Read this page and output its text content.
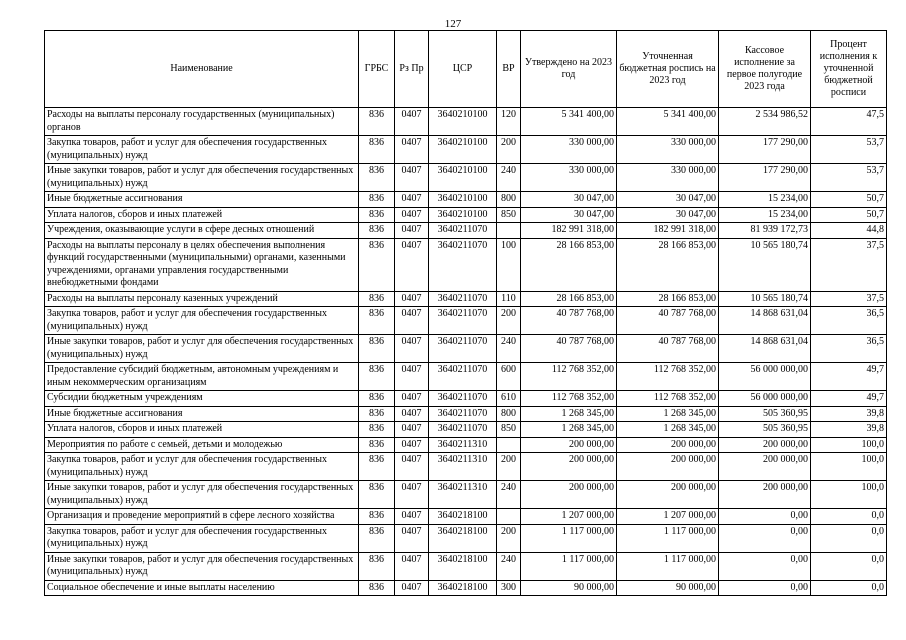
127
Наименование	ГРБС	Рз Пр	ЦСР	ВР	Утверждено на 2023 год	Уточненная бюджетная роспись на 2023 год	Кассовое исполнение за первое полугодие 2023 года	Процент исполнения к уточненной бюджетной росписи
Расходы на выплаты персоналу государственных (муниципальных) органов	836	0407	3640210100	120	5 341 400,00	5 341 400,00	2 534 986,52	47,5
Закупка товаров, работ и услуг для обеспечения государственных (муниципальных) нужд	836	0407	3640210100	200	330 000,00	330 000,00	177 290,00	53,7
Иные закупки товаров, работ и услуг для обеспечения государственных (муниципальных) нужд	836	0407	3640210100	240	330 000,00	330 000,00	177 290,00	53,7
Иные бюджетные ассигнования	836	0407	3640210100	800	30 047,00	30 047,00	15 234,00	50,7
Уплата налогов, сборов и иных платежей	836	0407	3640210100	850	30 047,00	30 047,00	15 234,00	50,7
Учреждения, оказывающие услуги в сфере десных отношений	836	0407	3640211070		182 991 318,00	182 991 318,00	81 939 172,73	44,8
Расходы на выплаты персоналу в целях обеспечения выполнения функций государственными (муниципальными) органами, казенными учреждениями, органами управления государственными внебюджетными фондами	836	0407	3640211070	100	28 166 853,00	28 166 853,00	10 565 180,74	37,5
Расходы на выплаты персоналу казенных учреждений	836	0407	3640211070	110	28 166 853,00	28 166 853,00	10 565 180,74	37,5
Закупка товаров, работ и услуг для обеспечения государственных (муниципальных) нужд	836	0407	3640211070	200	40 787 768,00	40 787 768,00	14 868 631,04	36,5
Иные закупки товаров, работ и услуг для обеспечения государственных (муниципальных) нужд	836	0407	3640211070	240	40 787 768,00	40 787 768,00	14 868 631,04	36,5
Предоставление субсидий бюджетным, автономным учреждениям и иным некоммерческим организациям	836	0407	3640211070	600	112 768 352,00	112 768 352,00	56 000 000,00	49,7
Субсидии бюджетным учреждениям	836	0407	3640211070	610	112 768 352,00	112 768 352,00	56 000 000,00	49,7
Иные бюджетные ассигнования	836	0407	3640211070	800	1 268 345,00	1 268 345,00	505 360,95	39,8
Уплата налогов, сборов и иных платежей	836	0407	3640211070	850	1 268 345,00	1 268 345,00	505 360,95	39,8
Мероприятия по работе с семьей, детьми и молодежью	836	0407	3640211310		200 000,00	200 000,00	200 000,00	100,0
Закупка товаров, работ и услуг для обеспечения государственных (муниципальных) нужд	836	0407	3640211310	200	200 000,00	200 000,00	200 000,00	100,0
Иные закупки товаров, работ и услуг для обеспечения государственных (муниципальных) нужд	836	0407	3640211310	240	200 000,00	200 000,00	200 000,00	100,0
Организация и проведение мероприятий в сфере лесного хозяйства	836	0407	3640218100		1 207 000,00	1 207 000,00	0,00	0,0
Закупка товаров, работ и услуг для обеспечения государственных (муниципальных) нужд	836	0407	3640218100	200	1 117 000,00	1 117 000,00	0,00	0,0
Иные закупки товаров, работ и услуг для обеспечения государственных (муниципальных) нужд	836	0407	3640218100	240	1 117 000,00	1 117 000,00	0,00	0,0
Социальное обеспечение и иные выплаты населению	836	0407	3640218100	300	90 000,00	90 000,00	0,00	0,0
